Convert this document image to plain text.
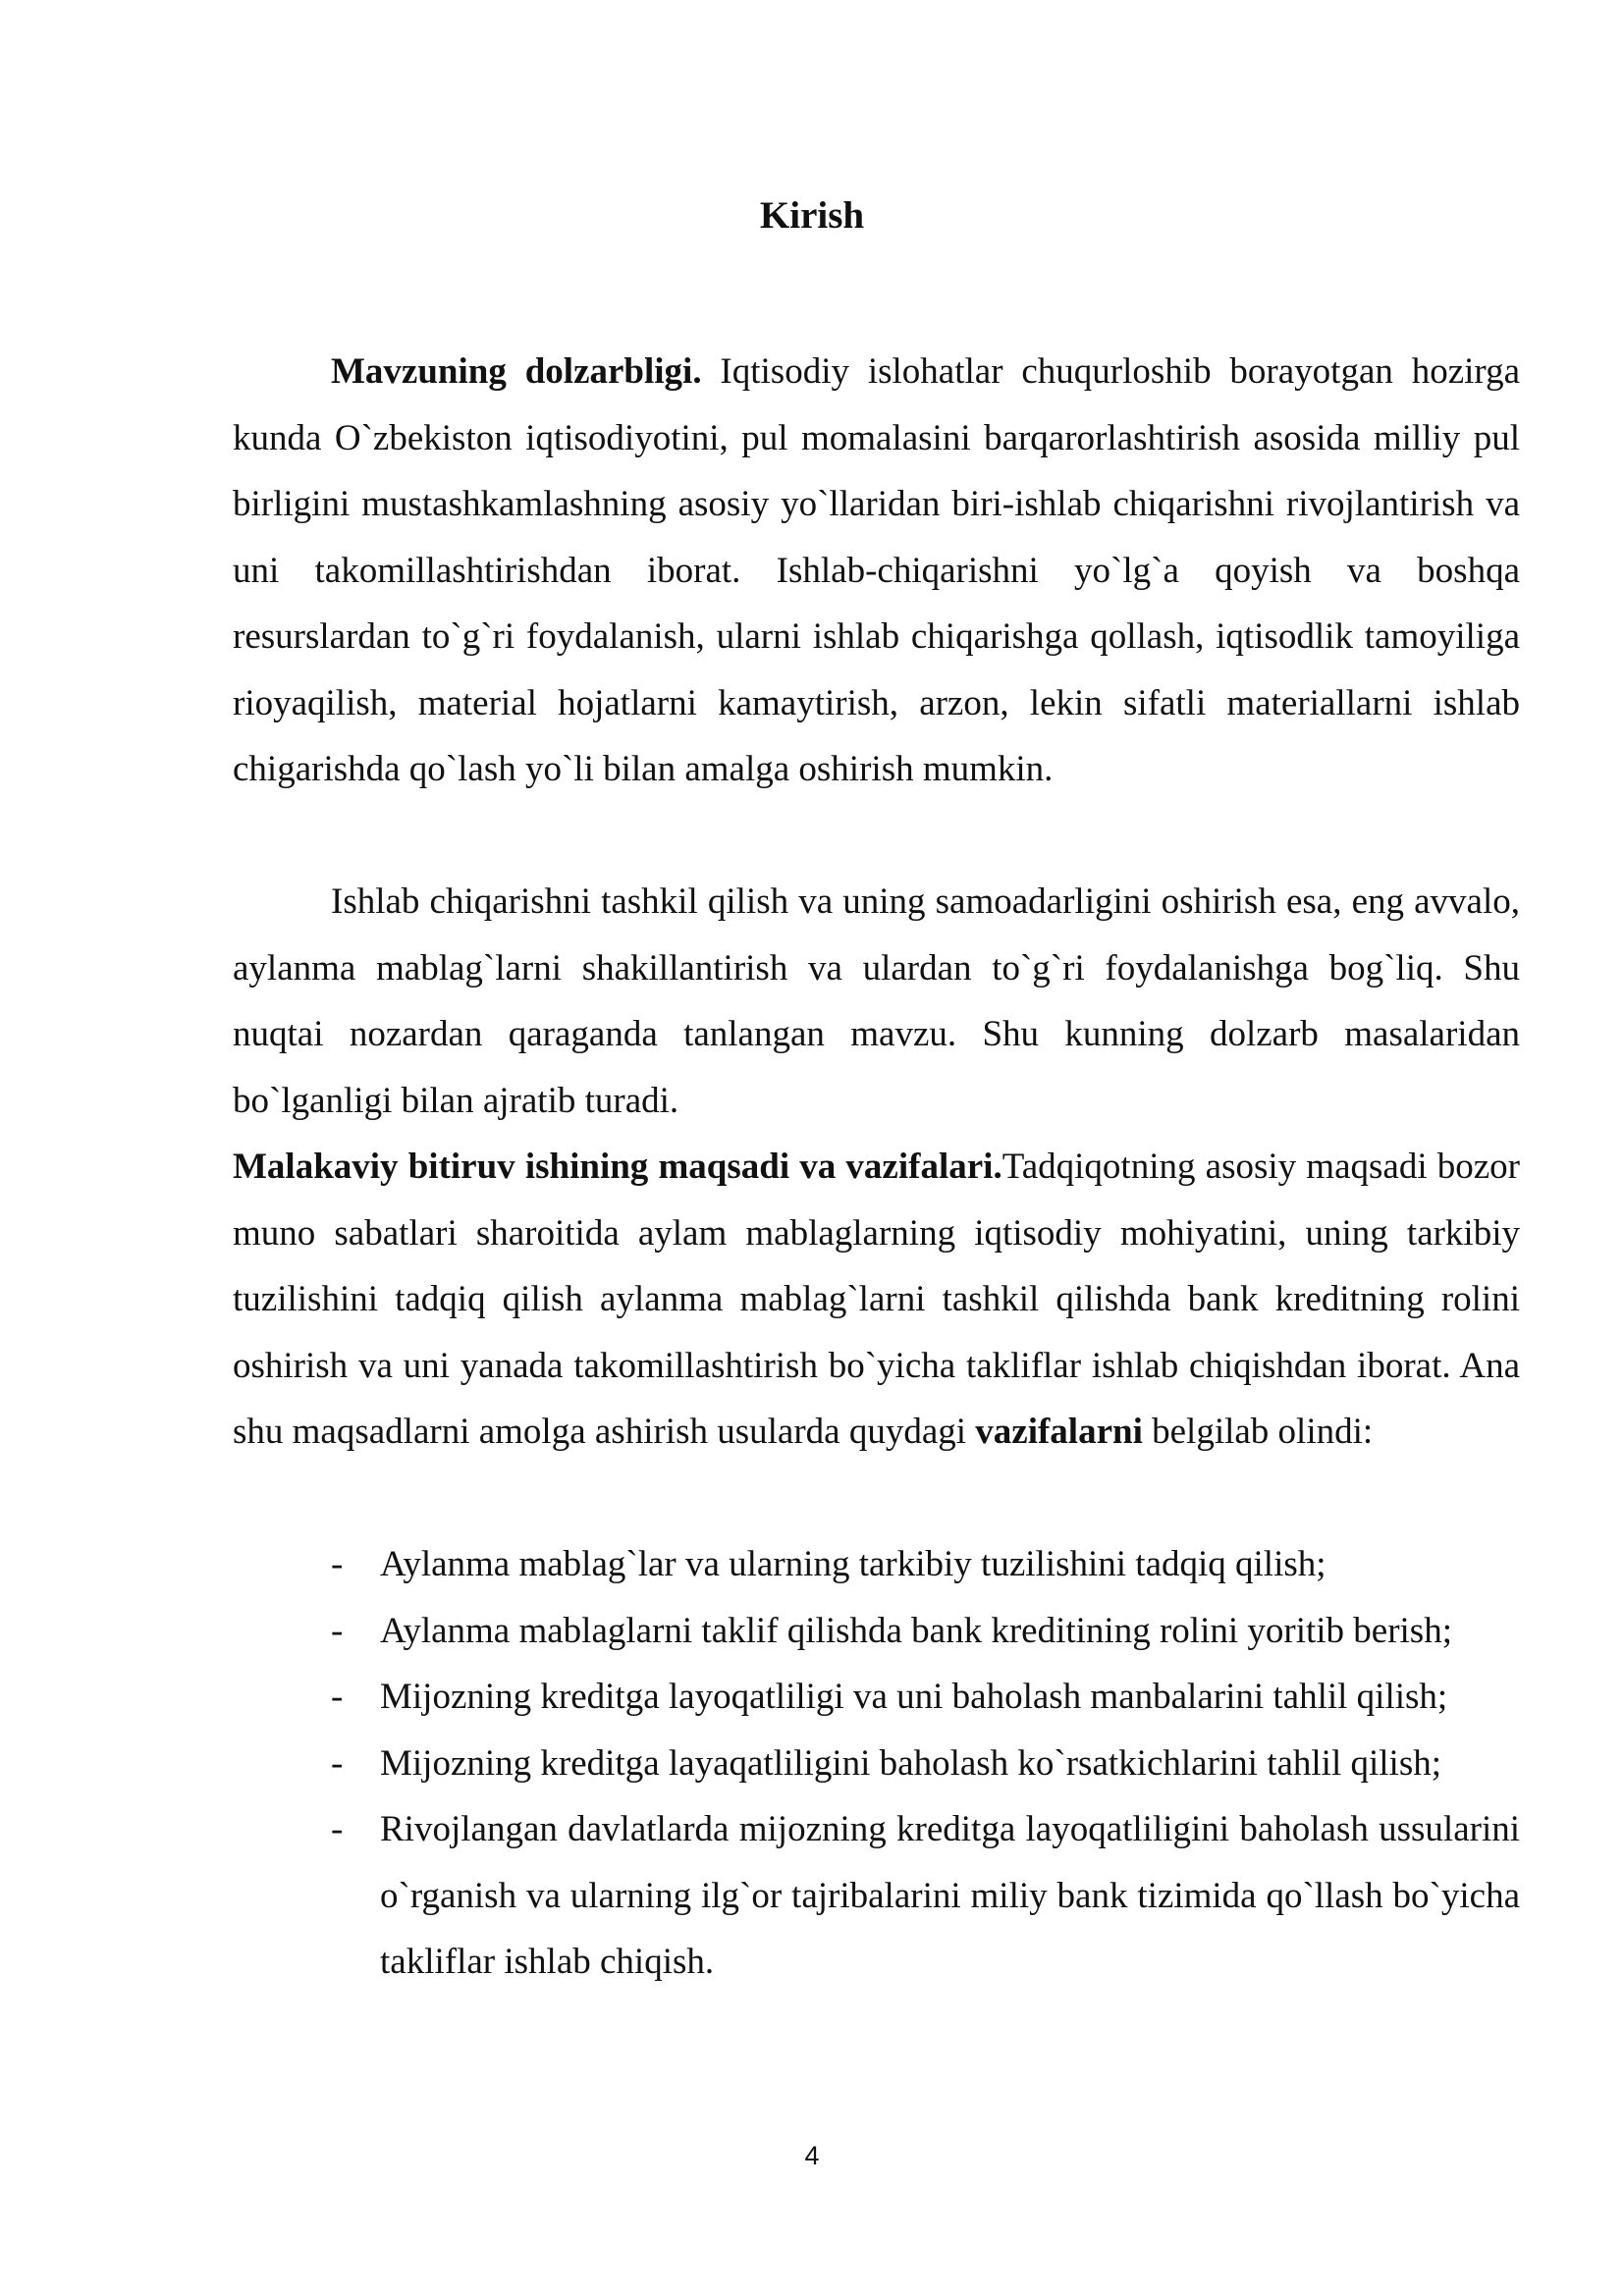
Kirish

Mavzuning dolzarbligi. Iqtisodiy islohatlar chuqurloshib borayotgan hozirga kunda O`zbekiston iqtisodiyotini, pul momalasini barqarorlashtirish asosida milliy pul birligini mustashkamlashning asosiy yo`llaridan biri-ishlab chiqarishni rivojlantirish va uni takomillashtirishdan iborat. Ishlab-chiqarishni yo`lg`a qoyish va boshqa resurslardan to`g`ri foydalanish, ularni ishlab chiqarishga qollash, iqtisodlik tamoyiliga rioyaqilish, material hojatlarni kamaytirish, arzon, lekin sifatli materiallarni ishlab chigarishda qo`lash yo`li bilan amalga oshirish mumkin.

Ishlab chiqarishni tashkil qilish va uning samoadarligini oshirish esa, eng avvalo, aylanma mablag`larni shakillantirish va ulardan to`g`ri foydalanishga bog`liq. Shu nuqtai nozardan qaraganda tanlangan mavzu. Shu kunning dolzarb masalaridan bo`lganligi bilan ajratib turadi.

Malakaviy bitiruv ishining maqsadi va vazifalari.Tadqiqotning asosiy maqsadi bozor muno sabatlari sharoitida aylam mablaglarning iqtisodiy mohiyatini, uning tarkibiy tuzilishini tadqiq qilish aylanma mablag`larni tashkil qilishda bank kreditning rolini oshirish va uni yanada takomillashtirish bo`yicha takliflar ishlab chiqishdan iborat. Ana shu maqsadlarni amolga ashirish usularda quydagi vazifalarni belgilab olindi:

- Aylanma mablag`lar va ularning tarkibiy tuzilishini tadqiq qilish;
- Aylanma mablaglarni taklif qilishda bank kreditining rolini yoritib berish;
- Mijozning kreditga layoqatliligi va uni baholash manbalarini tahlil qilish;
- Mijozning kreditga layaqatliligini baholash ko`rsatkichlarini tahlil qilish;
- Rivojlangan davlatlarda mijozning kreditga layoqatliligini baholash ussularini o`rganish va ularning ilg`or tajribalarini miliy bank tizimida qo`llash bo`yicha takliflar ishlab chiqish.
4
